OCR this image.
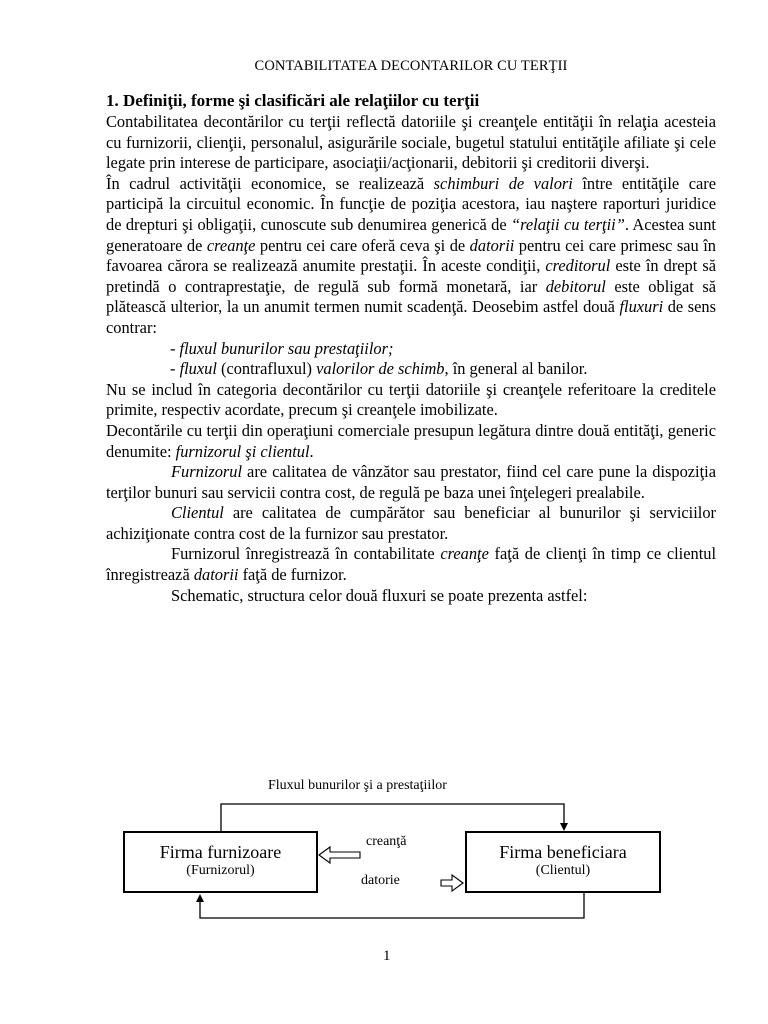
CONTABILITATEA DECONTARILOR CU TERŢII
1. Definiţii, forme şi clasificări ale relaţiilor cu terţii

Contabilitatea decontărilor cu terţii reflectă datoriile şi creanţele entităţii în relaţia acesteia cu furnizorii, clienţii, personalul, asigurările sociale, bugetul statului entităţile afiliate şi cele legate prin interese de participare, asociaţii/acţionarii, debitorii şi creditorii diverşi.

În cadrul activităţii economice, se realizează schimburi de valori între entităţile care participă la circuitul economic. În funcţie de poziţia acestora, iau naştere raporturi juridice de drepturi şi obligaţii, cunoscute sub denumirea generică de “relaţii cu terţii”. Acestea sunt generatoare de creanţe pentru cei care oferă ceva şi de datorii pentru cei care primesc sau în favoarea cărora se realizează anumite prestaţii. În aceste condiţii, creditorul este în drept să pretindă o contraprestaţie, de regulă sub formă monetară, iar debitorul este obligat să plătească ulterior, la un anumit termen numit scadenţă. Deosebim astfel două fluxuri de sens contrar:

- fluxul bunurilor sau prestaţiilor;
- fluxul (contrafluxul) valorilor de schimb, în general al banilor.

Nu se includ în categoria decontărilor cu terţii datoriile şi creanţele referitoare la creditele primite, respectiv acordate, precum şi creanţele imobilizate.

Decontările cu terţii din operaţiuni comerciale presupun legătura dintre două entităţi, generic denumite: furnizorul şi clientul.

Furnizorul are calitatea de vânzător sau prestator, fiind cel care pune la dispoziţia terţilor bunuri sau servicii contra cost, de regulă pe baza unei înţelegeri prealabile.

Clientul are calitatea de cumpărător sau beneficiar al bunurilor şi serviciilor achiziţionate contra cost de la furnizor sau prestator.

Furnizorul înregistrează în contabilitate creanţe faţă de clienţi în timp ce clientul înregistrează datorii faţă de furnizor.

Schematic, structura celor două fluxuri se poate prezenta astfel:

Fluxul bunurilor şi a prestaţiilor
Firma furnizoare
(Furnizorul)
Firma beneficiara
(Clientul)
creanţă
datorie
1
